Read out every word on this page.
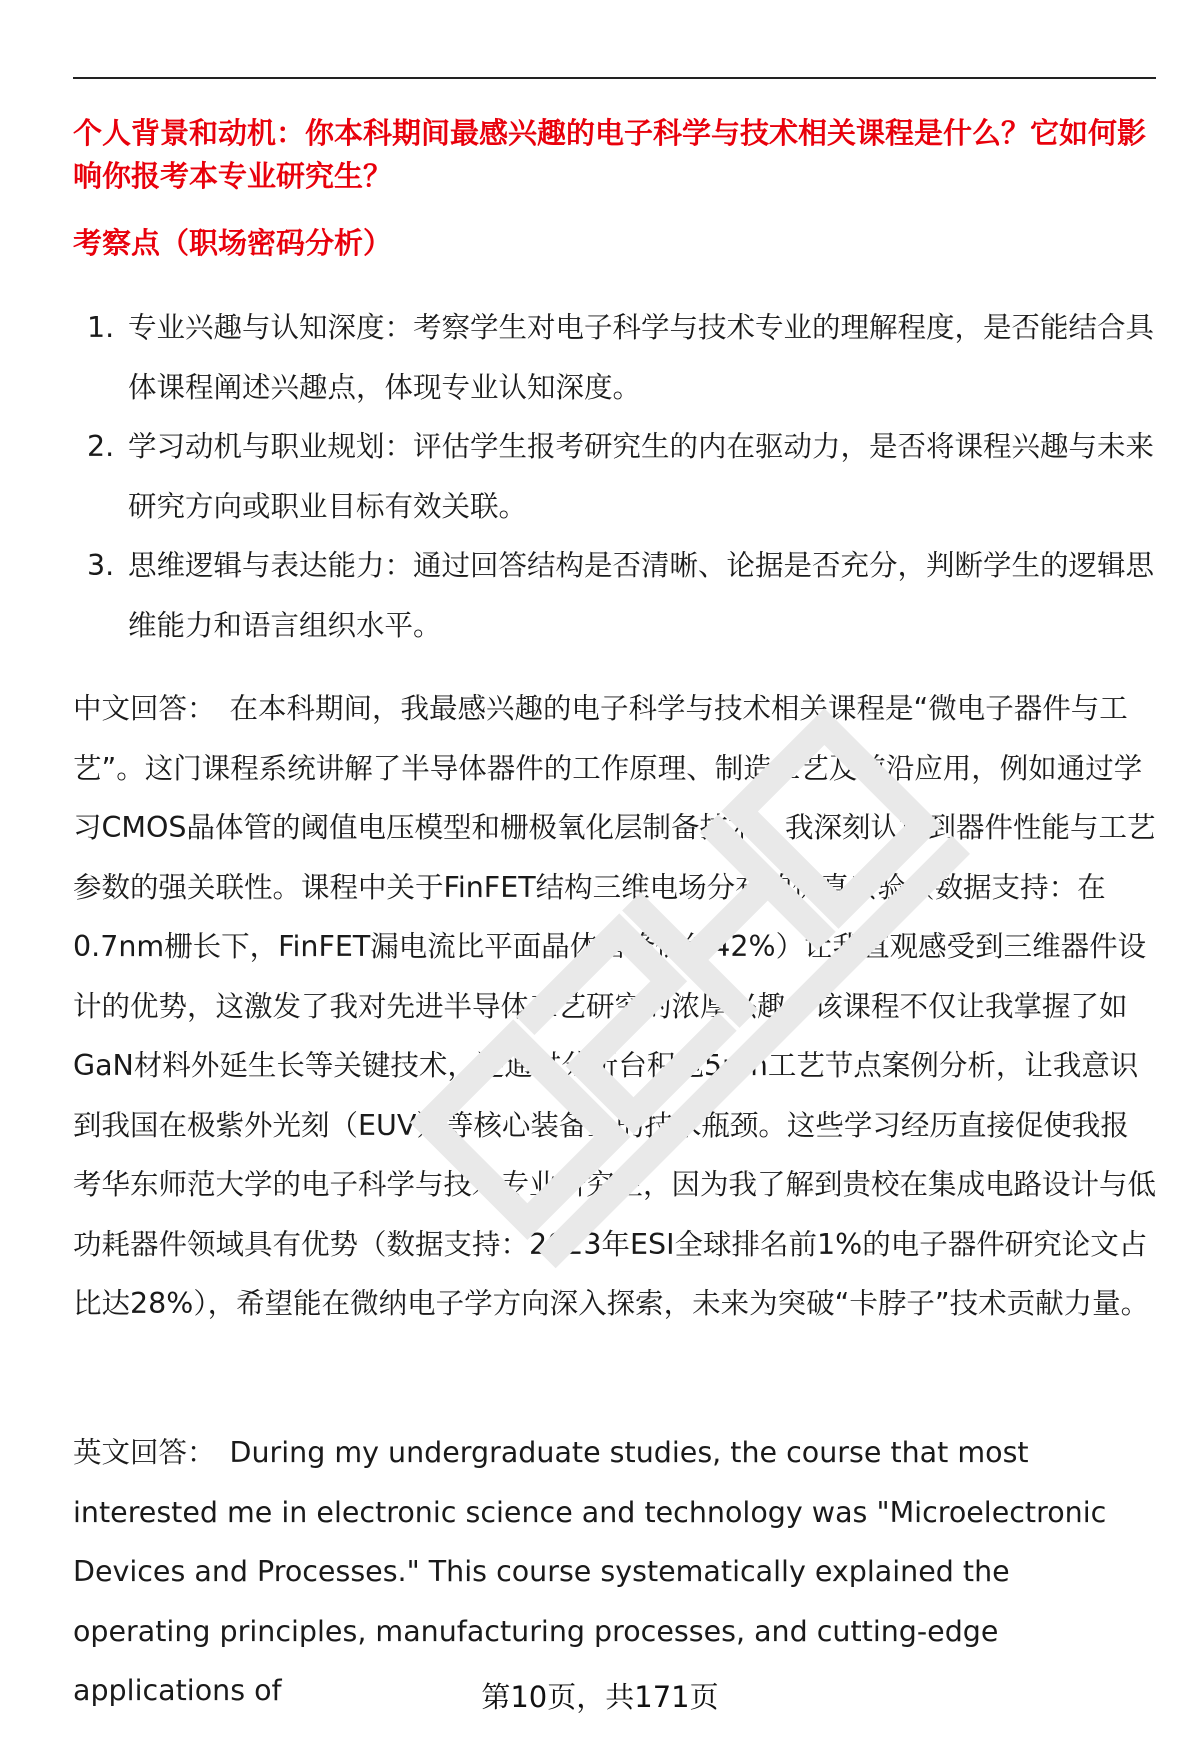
个人背景和动机：你本科期间最感兴趣的电子科学与技术相关课程是什么？它如何影响你报考本专业研究生？
考察点（职场密码分析）
1. 专业兴趣与认知深度：考察学生对电子科学与技术专业的理解程度，是否能结合具体课程阐述兴趣点，体现专业认知深度。
2. 学习动机与职业规划：评估学生报考研究生的内在驱动力，是否将课程兴趣与未来研究方向或职业目标有效关联。
3. 思维逻辑与表达能力：通过回答结构是否清晰、论据是否充分，判断学生的逻辑思维能力和语言组织水平。

中文回答： 在本科期间，我最感兴趣的电子科学与技术相关课程是“微电子器件与工艺”。这门课程系统讲解了半导体器件的工作原理、制造工艺及前沿应用，例如通过学习CMOS晶体管的阈值电压模型和栅极氧化层制备技术，我深刻认识到器件性能与工艺参数的强关联性。课程中关于FinFET结构三维电场分布的仿真实验（数据支持：在0.7nm栅长下，FinFET漏电流比平面晶体管降低约42%）让我直观感受到三维器件设计的优势，这激发了我对先进半导体工艺研究的浓厚兴趣。该课程不仅让我掌握了如GaN材料外延生长等关键技术，还通过分析台积电5nm工艺节点案例分析，让我意识到我国在极紫外光刻（EUV）等核心装备上的技术瓶颈。这些学习经历直接促使我报考华东师范大学的电子科学与技术专业研究生，因为我了解到贵校在集成电路设计与低功耗器件领域具有优势（数据支持：2023年ESI全球排名前1%的电子器件研究论文占比达28%），希望能在微纳电子学方向深入探索，未来为突破“卡脖子”技术贡献力量。

英文回答： During my undergraduate studies, the course that most interested me in electronic science and technology was "Microelectronic Devices and Processes." This course systematically explained the operating principles, manufacturing processes, and cutting-edge applications of	第10页，共171页
